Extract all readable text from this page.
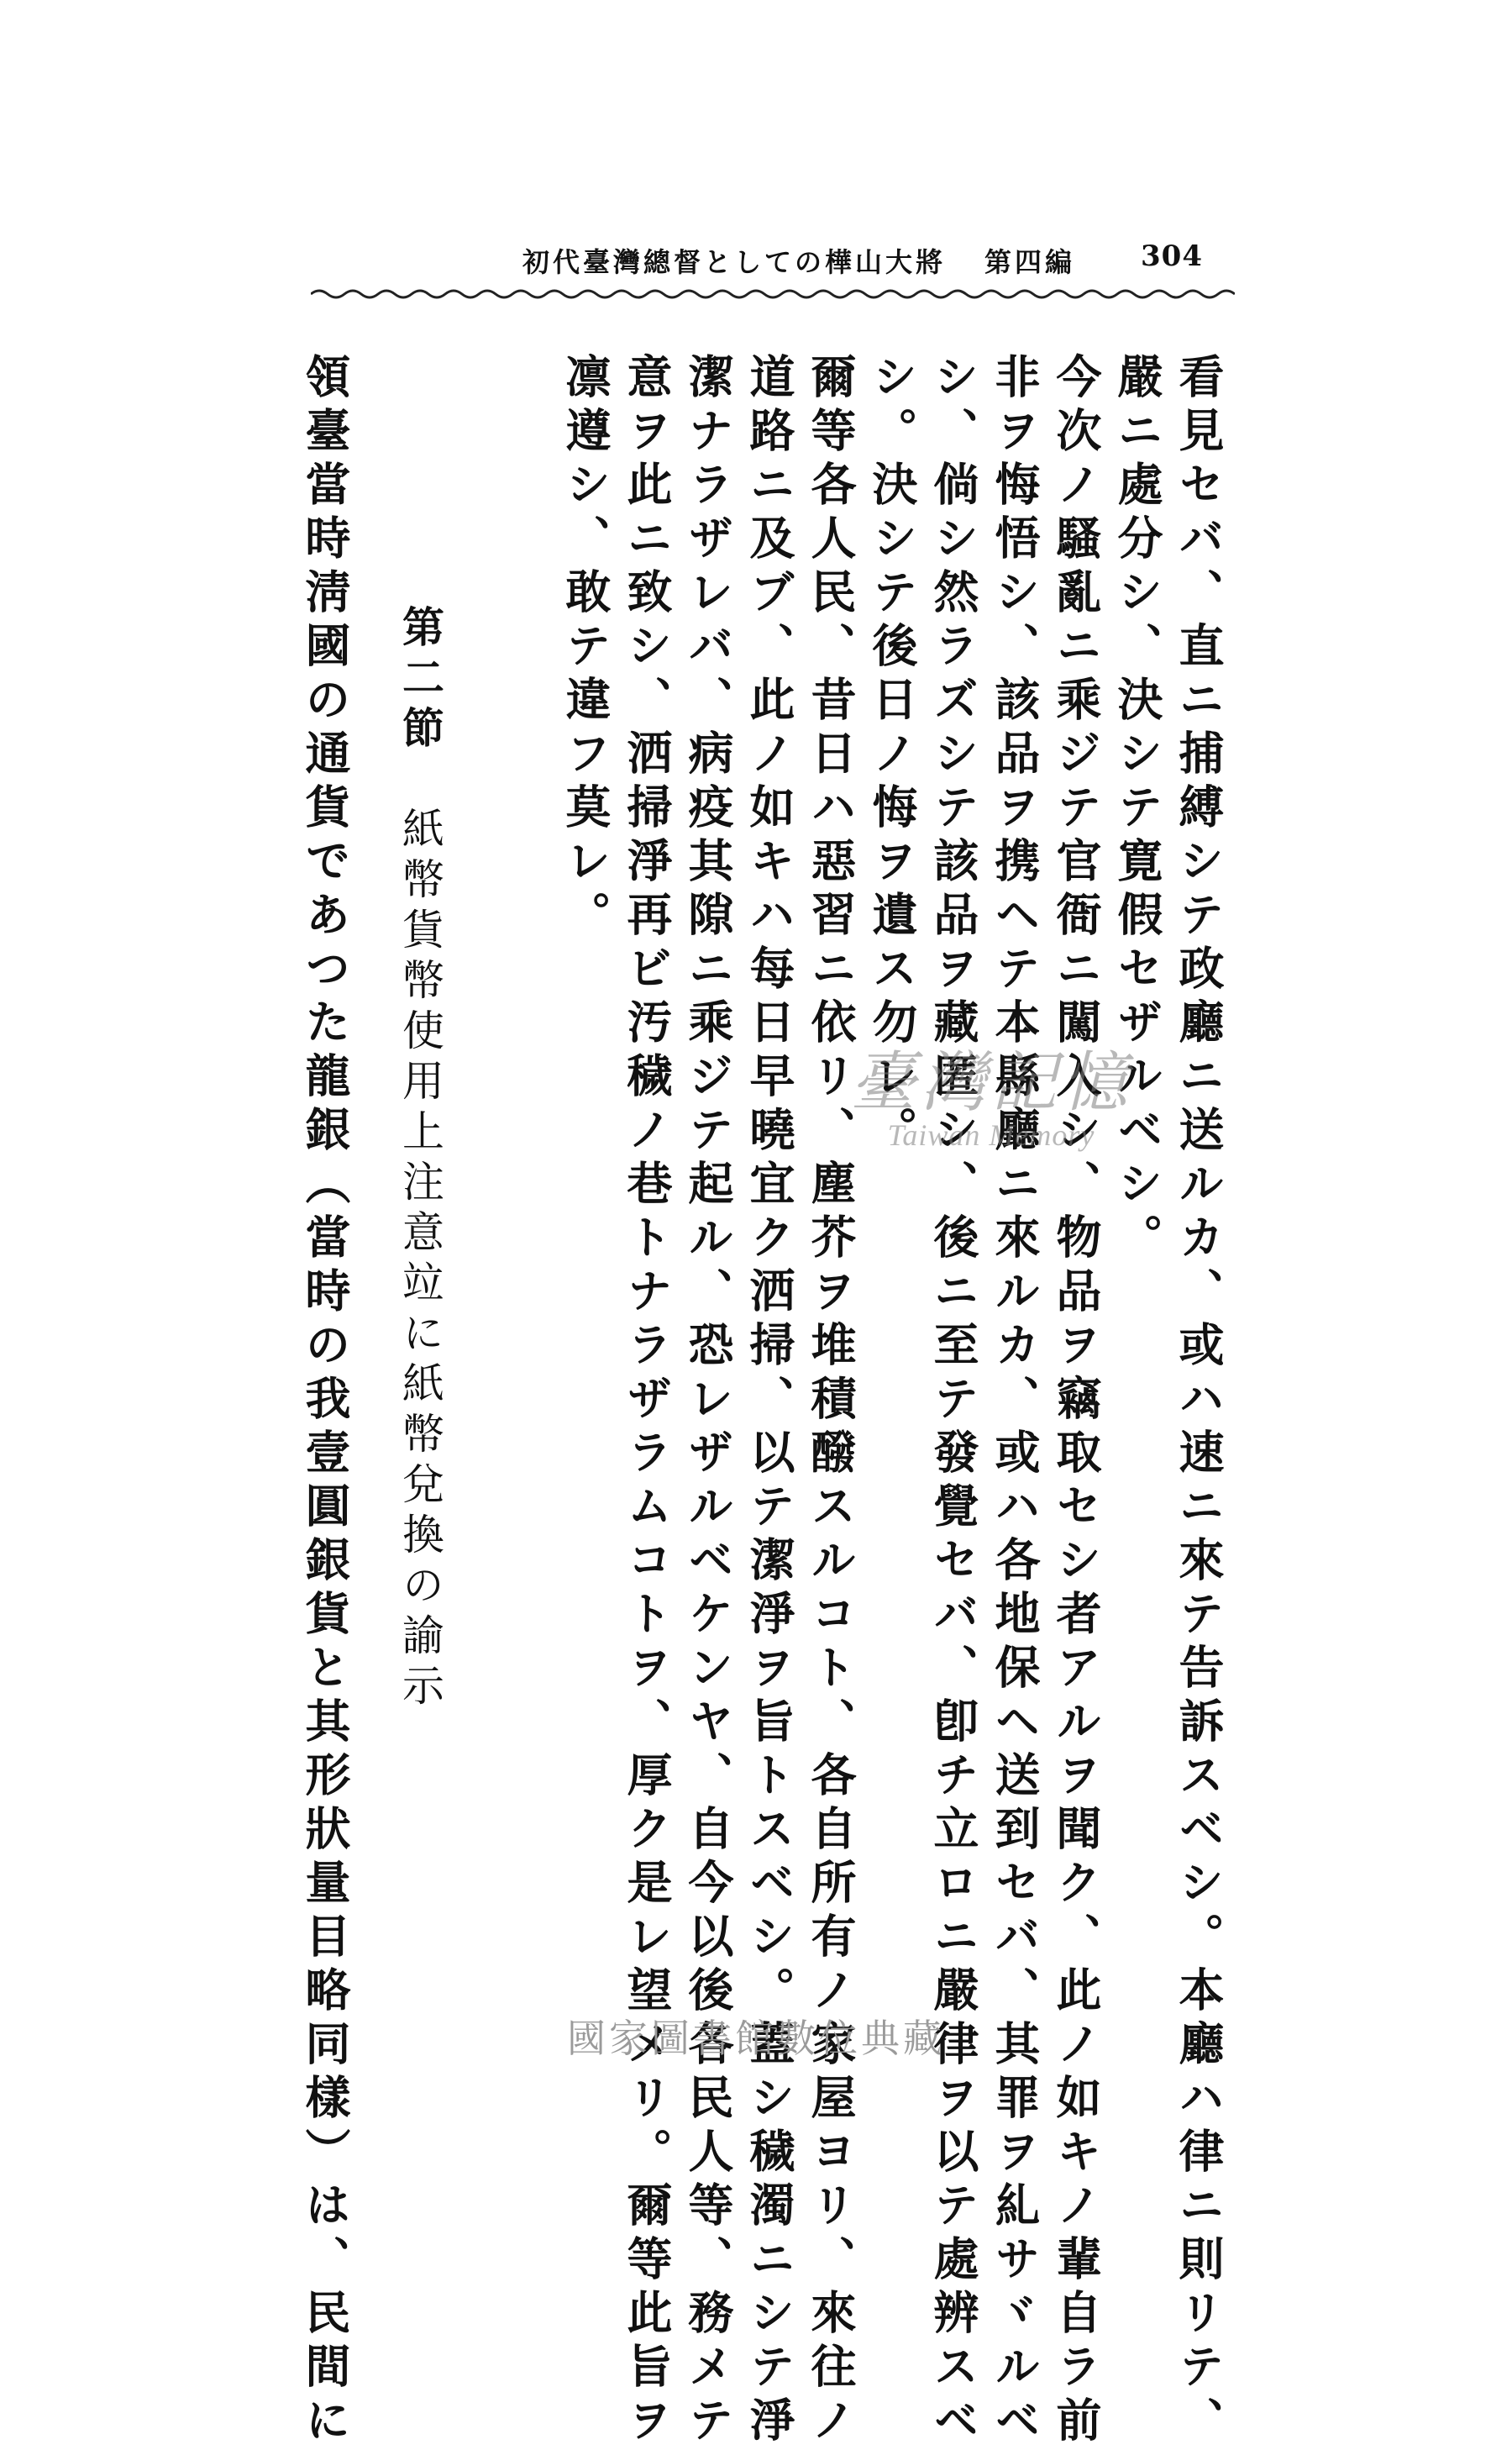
初代臺灣總督としての樺山大將 第四編 304
看見セバ、直ニ捕縛シテ政廳ニ送ルカ、或ハ速ニ來テ告訴スベシ。本廳ハ律ニ則リテ、
嚴ニ處分シ、決シテ寛假セザルベシ。
今次ノ騷亂ニ乘ジテ官衙ニ闖入シ、物品ヲ竊取セシ者アルヲ聞ク、此ノ如キノ輩自ラ前
非ヲ悔悟シ、該品ヲ携ヘテ本縣廳ニ來ルカ、或ハ各地保ヘ送到セバ、其罪ヲ糺サヾルベ
シ、倘シ然ラズシテ該品ヲ藏匿シ、後ニ至テ發覺セバ、卽チ立ロニ嚴律ヲ以テ處辨スベ
シ。決シテ後日ノ悔ヲ遺ス勿レ。
爾等各人民、昔日ハ惡習ニ依リ、塵芥ヲ堆積醱スルコト、各自所有ノ家屋ヨリ、來往ノ
道路ニ及ブ、此ノ如キハ每日早曉宜ク洒掃、以テ潔淨ヲ旨トスベシ。蓋シ穢濁ニシテ淨
潔ナラザレバ、病疫其隙ニ乘ジテ起ル、恐レザルベケンヤ、自今以後各民人等、務メテ
意ヲ此ニ致シ、洒掃淨再ビ汚穢ノ巷トナラザラムコトヲ、厚ク是レ望メリ。爾等此旨ヲ
凛遵シ、敢テ違フ莫レ。
第二節紙幣貨幣使用上注意竝に紙幣兌換の諭示
領臺當時淸國の通貨であつた龍銀（當時の我壹圓銀貨と其形狀量目略同樣）は、民間に	臺灣記憶
Taiwan Memory
國家圖書館數位典藏
